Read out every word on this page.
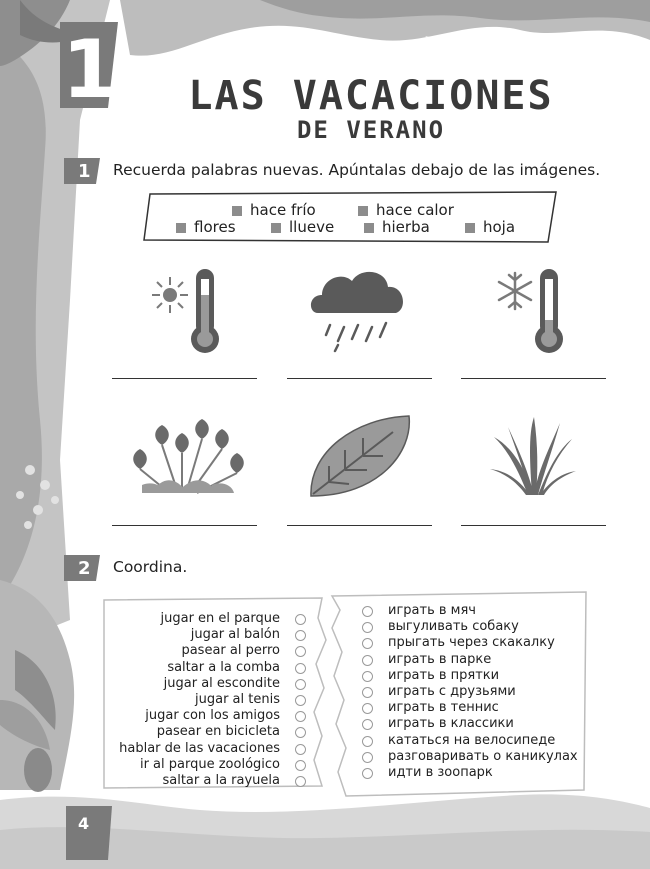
1 LAS VACACIONES
DE VERANO
1 Recuerda palabras nuevas. Apúntalas debajo de las imágenes.
hace frío	hace calor
flores	llueve	hierba	hoja
2 Coordina.
jugar en el parque
jugar al balón
pasear al perro
saltar a la comba
jugar al escondite
jugar al tenis
jugar con los amigos
pasear en bicicleta
hablar de las vacaciones
ir al parque zoológico
saltar a la rayuela
играть в мяч
выгуливать собаку
прыгать через скакалку
играть в парке
играть в прятки
играть с друзьями
играть в теннис
играть в классики
кататься на велосипеде
разговаривать о каникулах
идти в зоопарк
4
